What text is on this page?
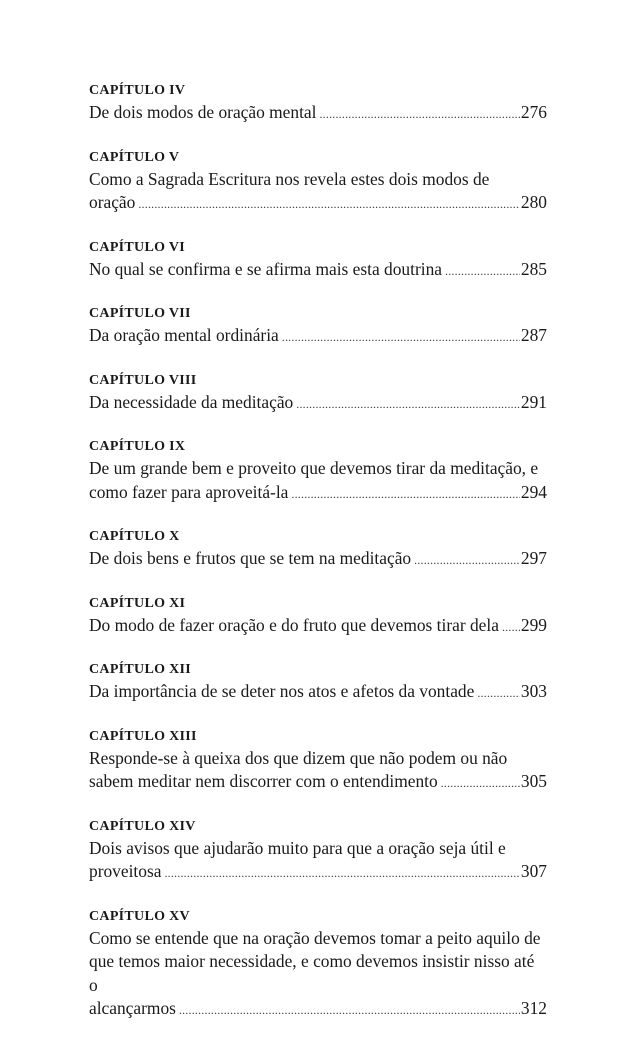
CAPÍTULO IV
De dois modos de oração mental .....	276
CAPÍTULO V
Como a Sagrada Escritura nos revela estes dois modos de
oração .....	280
CAPÍTULO VI
No qual se confirma e se afirma mais esta doutrina .....	285
CAPÍTULO VII
Da oração mental ordinária .....	287
CAPÍTULO VIII
Da necessidade da meditação .....	291
CAPÍTULO IX
De um grande bem e proveito que devemos tirar da meditação, e
como fazer para aproveitá-la .....	294
CAPÍTULO X
De dois bens e frutos que se tem na meditação .....	297
CAPÍTULO XI
Do modo de fazer oração e do fruto que devemos tirar dela ..... 299
CAPÍTULO XII
Da importância de se deter nos atos e afetos da vontade .....	303
CAPÍTULO XIII
Responde-se à queixa dos que dizem que não podem ou não
sabem meditar nem discorrer com o entendimento .....	305
CAPÍTULO XIV
Dois avisos que ajudarão muito para que a oração seja útil e
proveitosa .....	307
CAPÍTULO XV
Como se entende que na oração devemos tomar a peito aquilo de
que temos maior necessidade, e como devemos insistir nisso até o
alcançarmos .....	312
